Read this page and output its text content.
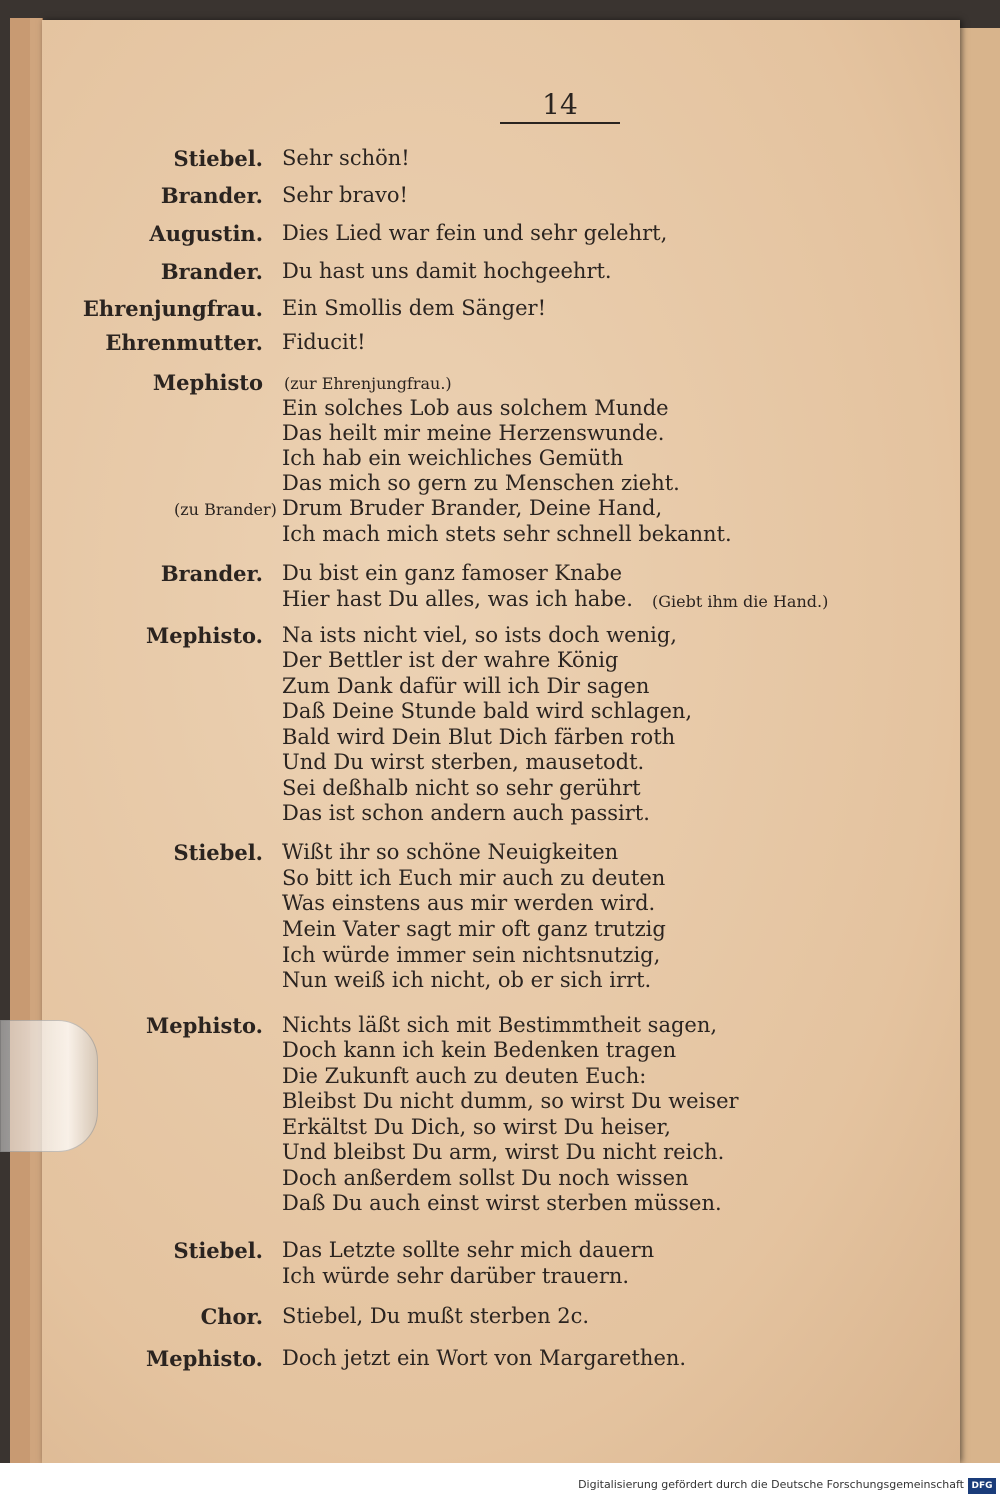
14
Stiebel. Sehr schön!
Brander. Sehr bravo!
Augustin. Dies Lied war fein und sehr gelehrt,
Brander. Du hast uns damit hochgeehrt.
Ehrenjungfrau. Ein Smollis dem Sänger!
Ehrenmutter. Fiducit!
Mephisto (zur Ehrenjungfrau.)
Ein solches Lob aus solchem Munde
Das heilt mir meine Herzenswunde.
Ich hab ein weichliches Gemüth
Das mich so gern zu Menschen zieht.
(zu Brander) Drum Bruder Brander, Deine Hand,
Ich mach mich stets sehr schnell bekannt.
Brander. Du bist ein ganz famoser Knabe
Hier hast Du alles, was ich habe. (Giebt ihm die Hand.)
Mephisto. Na ists nicht viel, so ists doch wenig,
Der Bettler ist der wahre König
Zum Dank dafür will ich Dir sagen
Daß Deine Stunde bald wird schlagen,
Bald wird Dein Blut Dich färben roth
Und Du wirst sterben, mausetodt.
Sei deßhalb nicht so sehr gerührt
Das ist schon andern auch passirt.
Stiebel. Wißt ihr so schöne Neuigkeiten
So bitt ich Euch mir auch zu deuten
Was einstens aus mir werden wird.
Mein Vater sagt mir oft ganz trutzig
Ich würde immer sein nichtsnutzig,
Nun weiß ich nicht, ob er sich irrt.
Mephisto. Nichts läßt sich mit Bestimmtheit sagen,
Doch kann ich kein Bedenken tragen
Die Zukunft auch zu deuten Euch:
Bleibst Du nicht dumm, so wirst Du weiser
Erkältst Du Dich, so wirst Du heiser,
Und bleibst Du arm, wirst Du nicht reich.
Doch anßerdem sollst Du noch wissen
Daß Du auch einst wirst sterben müssen.
Stiebel. Das Letzte sollte sehr mich dauern
Ich würde sehr darüber trauern.
Chor. Stiebel, Du mußt sterben 2c.
Mephisto. Doch jetzt ein Wort von Margarethen.
Digitalisierung gefördert durch die Deutsche Forschungsgemeinschaft DFG
